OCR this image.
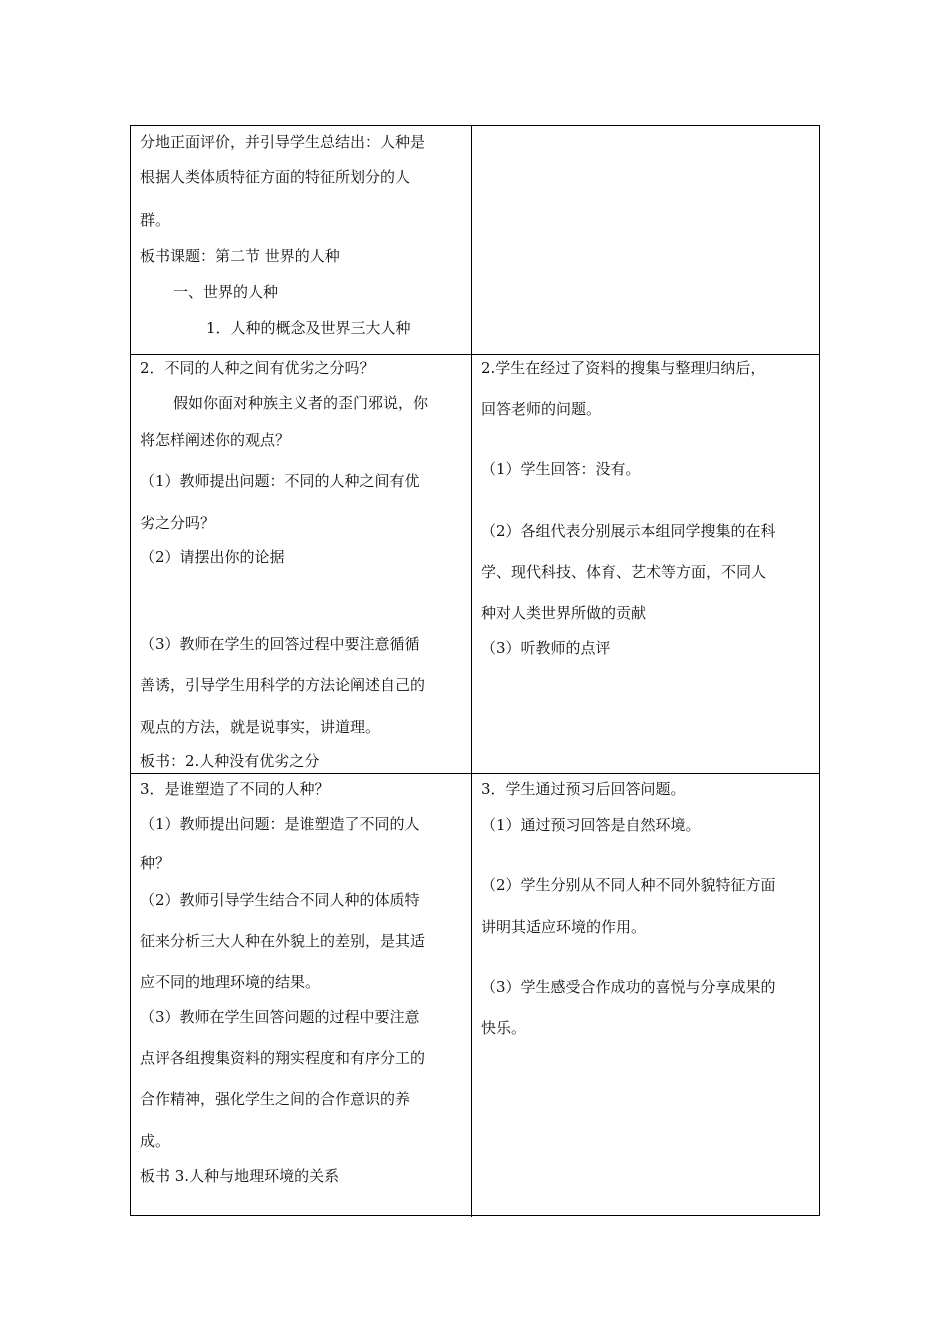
分地正面评价，并引导学生总结出：人种是
根据人类体质特征方面的特征所划分的人
群。
板书课题：第二节 世界的人种
一、世界的人种
1．人种的概念及世界三大人种
2．不同的人种之间有优劣之分吗？
假如你面对种族主义者的歪门邪说，你
将怎样阐述你的观点？
（1）教师提出问题：不同的人种之间有优
劣之分吗？
（2）请摆出你的论据
（3）教师在学生的回答过程中要注意循循
善诱，引导学生用科学的方法论阐述自己的
观点的方法，就是说事实，讲道理。
板书：2.人种没有优劣之分
2.学生在经过了资料的搜集与整理归纳后，
回答老师的问题。
（1）学生回答：没有。
（2）各组代表分别展示本组同学搜集的在科
学、现代科技、体育、艺术等方面，不同人
种对人类世界所做的贡献
（3）听教师的点评
3．是谁塑造了不同的人种？
（1）教师提出问题：是谁塑造了不同的人
种？
（2）教师引导学生结合不同人种的体质特
征来分析三大人种在外貌上的差别，是其适
应不同的地理环境的结果。
（3）教师在学生回答问题的过程中要注意
点评各组搜集资料的翔实程度和有序分工的
合作精神，强化学生之间的合作意识的养
成。
板书 3.人种与地理环境的关系
3．学生通过预习后回答问题。
（1）通过预习回答是自然环境。
（2）学生分别从不同人种不同外貌特征方面
讲明其适应环境的作用。
（3）学生感受合作成功的喜悦与分享成果的
快乐。
